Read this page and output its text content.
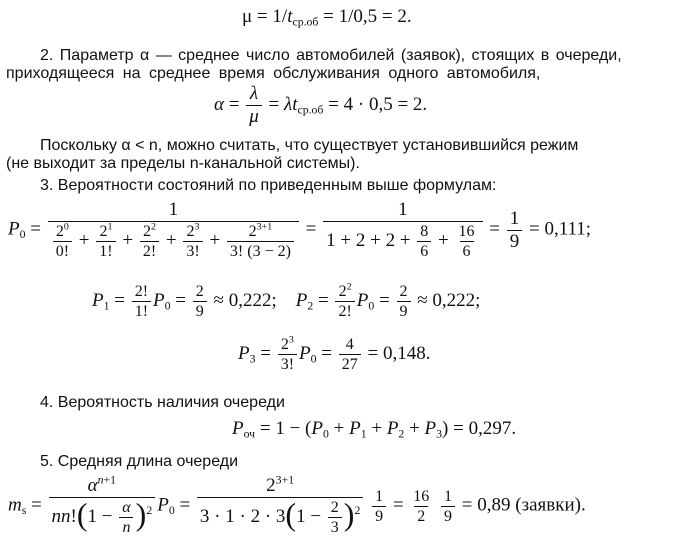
$\mu = 1/t_{ср.об} = 1/0,5 = 2$.
2. Параметр α — среднее число автомобилей (заявок), стоящих в очереди,
приходящееся на среднее время обслуживания одного автомобиля,
$\alpha = \frac{\lambda}{\mu} = \lambda t_{ср.об} = 4 \cdot 0,5 = 2$.
Поскольку α < n, можно считать, что существует установившийся режим
(не выходит за пределы n-канальной системы).
3. Вероятности состояний по приведенным выше формулам:
$P_0$ =
1
$\frac{2^0}{0!} + \frac{2^1}{1!} + \frac{2^2}{2!} + \frac{2^3}{3!} + \frac{2^{3+1}}{3! (3 - 2)} = \frac{1}{1 + 2 + 2 + \frac{8}{6} + \frac{16}{6}} = \frac{1}{9} = 0,111$;
$P_1 = \frac{2!}{1!} P_0 = \frac{2}{9} \approx 0,222$;    $P_2 = \frac{2^2}{2!} P_0 = \frac{2}{9} \approx 0,222$;
$P_3 = \frac{2^3}{3!} P_0 = \frac{4}{27} = 0,148$.
4. Вероятность наличия очереди
$P_{оч} = 1 - (P_0 + P_1 + P_2 + P_3) = 0,297$.
5. Средняя длина очереди
$m_s = \frac{\alpha^{n+1}}{nn!(1 - \frac{\alpha}{n} )^2} P_0 = \frac{2^{3+1}}{3 \cdot 1 \cdot 2 \cdot 3(1 - \frac{2}{3} )^2}$
$\frac{1}{9} = \frac{16}{2}$
$\frac{1}{9} = 0,89$ (заявки).
